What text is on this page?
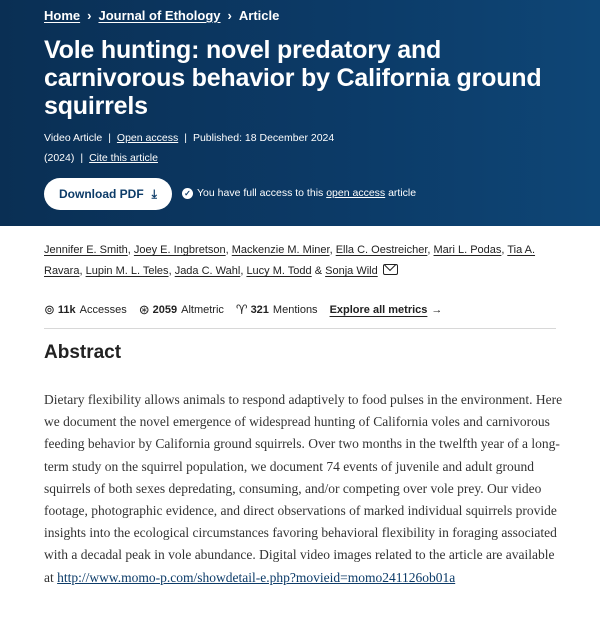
Home › Journal of Ethology › Article
Vole hunting: novel predatory and carnivorous behavior by California ground squirrels
Video Article | Open access | Published: 18 December 2024
(2024) | Cite this article
Download PDF ⤓	✓ You have full access to this
open access
article
Jennifer E. Smith, Joey E. Ingbretson, Mackenzie M. Miner, Ella C. Oestreicher, Mari L. Podas, Tia A. Ravara, Lupin M. L. Teles, Jada C. Wahl, Lucy M. Todd & Sonja Wild
⊚ 11k Accesses ⊛ 2059 Altmetric ♈︎ 321 Mentions Explore all metrics →
Abstract

Dietary flexibility allows animals to respond adaptively to food pulses in the environment. Here we document the novel emergence of widespread hunting of California voles and carnivorous feeding behavior by California ground squirrels. Over two months in the twelfth year of a long-term study on the squirrel population, we document 74 events of juvenile and adult ground squirrels of both sexes depredating, consuming, and/or competing over vole prey. Our video footage, photographic evidence, and direct observations of marked individual squirrels provide insights into the ecological circumstances favoring behavioral flexibility in foraging associated with a decadal peak in vole abundance. Digital video images related to the article are available at http://www.momo-p.com/showdetail-e.php?movieid=momo241126ob01a
